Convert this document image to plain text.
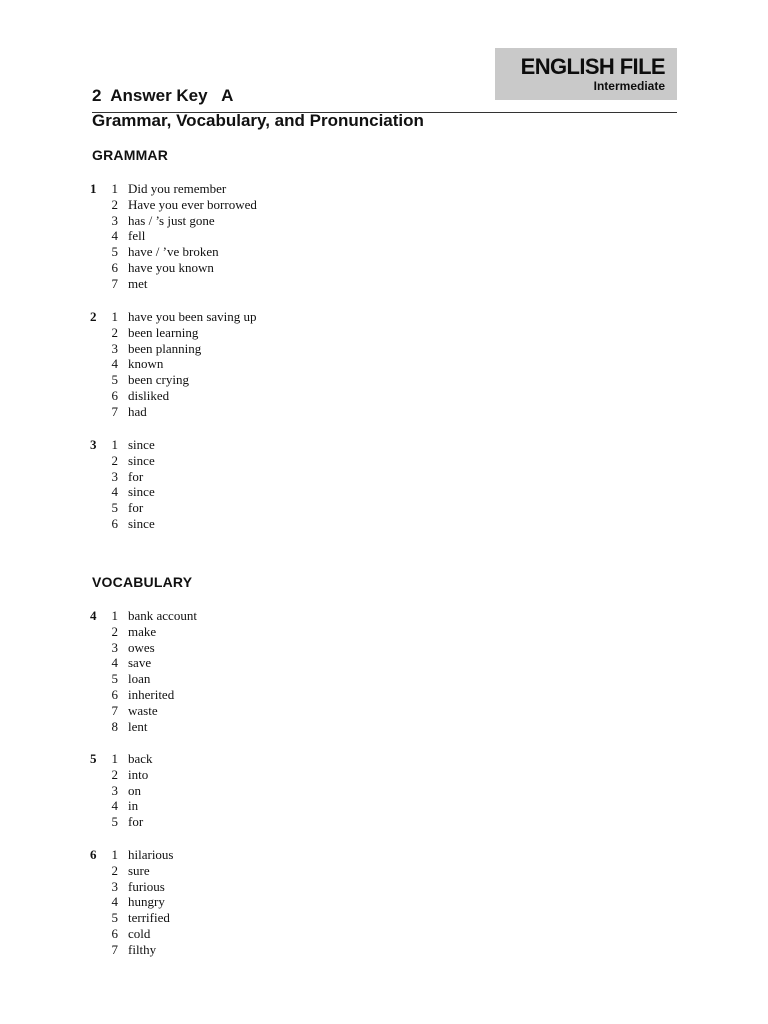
ENGLISH FILE
Intermediate
2  Answer Key   A
Grammar, Vocabulary, and Pronunciation
GRAMMAR
1	1 Did you remember
2 Have you ever borrowed
3 has / ’s just gone
4 fell
5 have / ’ve broken
6 have you known
7 met
2	1 have you been saving up
2 been learning
3 been planning
4 known
5 been crying
6 disliked
7 had
3	1 since
2 since
3 for
4 since
5 for
6 since
VOCABULARY
4	1 bank account
2 make
3 owes
4 save
5 loan
6 inherited
7 waste
8 lent
5	1 back
2 into
3 on
4 in
5 for
6	1 hilarious
2 sure
3 furious
4 hungry
5 terrified
6 cold
7 filthy
